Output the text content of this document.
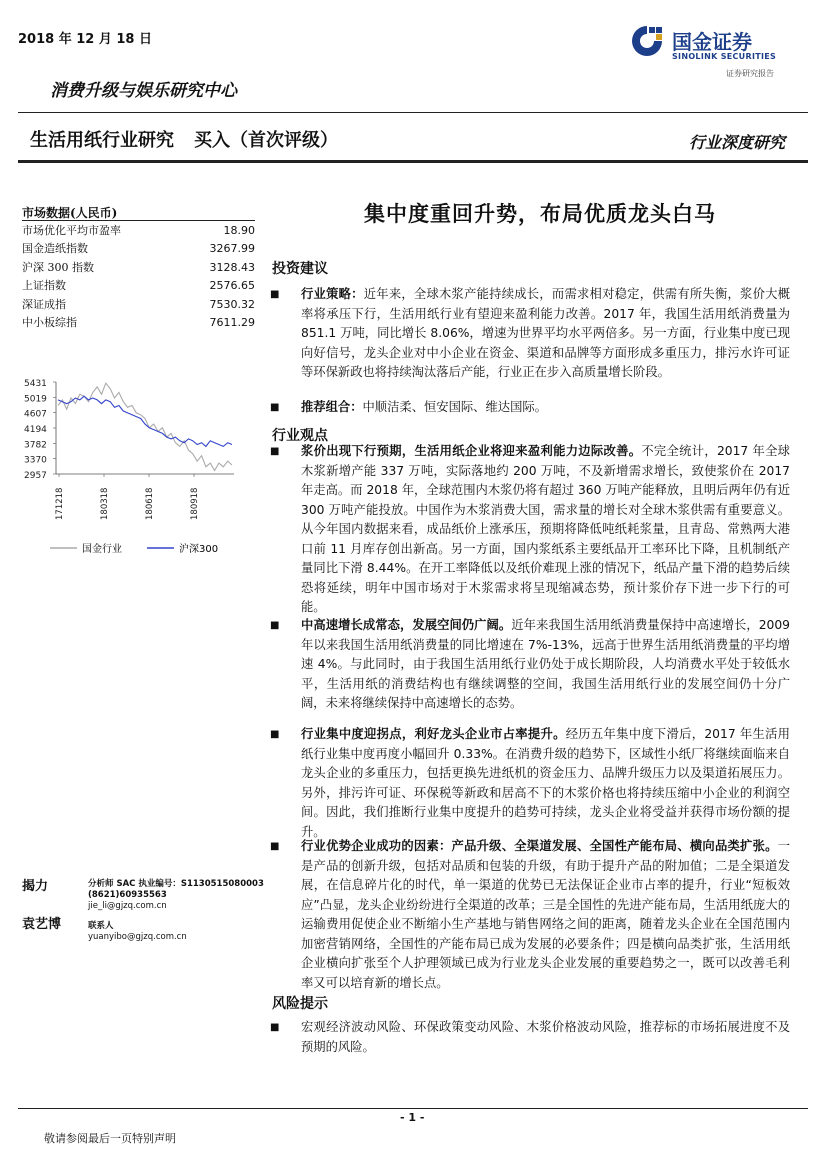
2018 年 12 月 18 日
消费升级与娱乐研究中心
国金证券
SINOLINK SECURITIES
证券研究报告
生活用纸行业研究 买入（首次评级）	行业深度研究
市场数据(人民币)
市场优化平均市盈率	18.90
国金造纸指数	3267.99
沪深 300 指数	3128.43
上证指数	2576.65
深证成指	7530.32
中小板综指	7611.29
5431
5019
4607
4194
3782
3370
2957
171218	180318	180618	180918
国金行业	沪深300
揭力	分析师 SAC 执业编号：S1130515080003
(8621)60935563
jie_li@gjzq.com.cn
袁艺博	联系人
yuanyibo@gjzq.com.cn
集中度重回升势，布局优质龙头白马
投资建议
■ 行业策略：近年来，全球木浆产能持续成长，而需求相对稳定，供需有所失衡，浆价大概率将承压下行，生活用纸行业有望迎来盈利能力改善。2017 年，我国生活用纸消费量为 851.1 万吨，同比增长 8.06%，增速为世界平均水平两倍多。另一方面，行业集中度已现向好信号，龙头企业对中小企业在资金、渠道和品牌等方面形成多重压力，排污水许可证等环保新政也将持续淘汰落后产能，行业正在步入高质量增长阶段。
■ 推荐组合：中顺洁柔、恒安国际、维达国际。
行业观点
■ 浆价出现下行预期，生活用纸企业将迎来盈利能力边际改善。不完全统计，2017 年全球木浆新增产能 337 万吨，实际落地约 200 万吨，不及新增需求增长，致使浆价在 2017 年走高。而 2018 年，全球范围内木浆仍将有超过 360 万吨产能释放，且明后两年仍有近 300 万吨产能投放。中国作为木浆消费大国，需求量的增长对全球木浆供需有重要意义。从今年国内数据来看，成品纸价上涨承压，预期将降低吨纸耗浆量，且青岛、常熟两大港口前 11 月库存创出新高。另一方面，国内浆纸系主要纸品开工率环比下降，且机制纸产量同比下滑 8.44%。在开工率降低以及纸价难现上涨的情况下，纸品产量下滑的趋势后续恐将延续，明年中国市场对于木浆需求将呈现缩减态势，预计浆价存下进一步下行的可能。
■ 中高速增长成常态，发展空间仍广阔。近年来我国生活用纸消费量保持中高速增长，2009 年以来我国生活用纸消费量的同比增速在 7%-13%，远高于世界生活用纸消费量的平均增速 4%。与此同时，由于我国生活用纸行业仍处于成长期阶段，人均消费水平处于较低水平，生活用纸的消费结构也有继续调整的空间，我国生活用纸行业的发展空间仍十分广阔，未来将继续保持中高速增长的态势。
■ 行业集中度迎拐点，利好龙头企业市占率提升。经历五年集中度下滑后，2017 年生活用纸行业集中度再度小幅回升 0.33%。在消费升级的趋势下，区域性小纸厂将继续面临来自龙头企业的多重压力，包括更换先进纸机的资金压力、品牌升级压力以及渠道拓展压力。另外，排污许可证、环保税等新政和居高不下的木浆价格也将持续压缩中小企业的利润空间。因此，我们推断行业集中度提升的趋势可持续，龙头企业将受益并获得市场份额的提升。
■ 行业优势企业成功的因素：产品升级、全渠道发展、全国性产能布局、横向品类扩张。一是产品的创新升级，包括对品质和包装的升级，有助于提升产品的附加值；二是全渠道发展，在信息碎片化的时代，单一渠道的优势已无法保证企业市占率的提升，行业“短板效应”凸显，龙头企业纷纷进行全渠道的改革；三是全国性的先进产能布局，生活用纸庞大的运输费用促使企业不断缩小生产基地与销售网络之间的距离，随着龙头企业在全国范围内加密营销网络，全国性的产能布局已成为发展的必要条件；四是横向品类扩张，生活用纸企业横向扩张至个人护理领域已成为行业龙头企业发展的重要趋势之一，既可以改善毛利率又可以培育新的增长点。
风险提示
■ 宏观经济波动风险、环保政策变动风险、木浆价格波动风险，推荐标的市场拓展进度不及预期的风险。
- 1 -
敬请参阅最后一页特别声明
